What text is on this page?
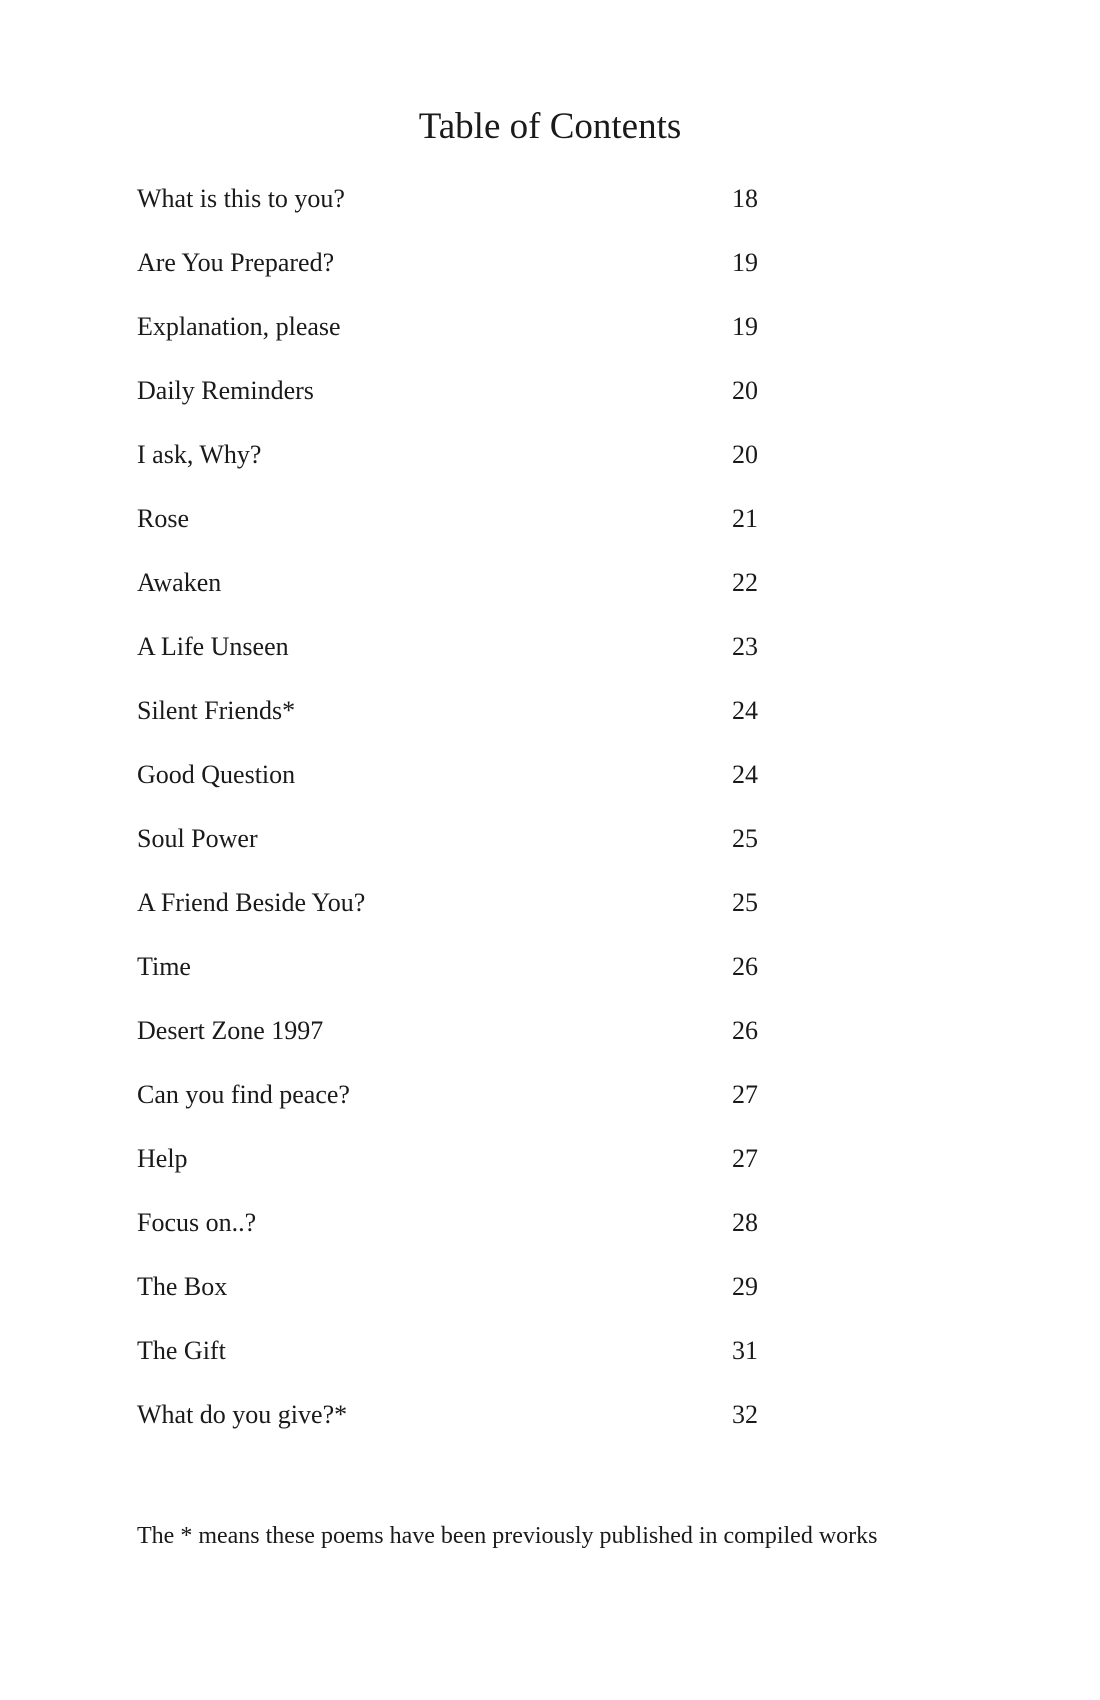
Table of Contents
What is this to you?	18
Are You Prepared?	19
Explanation, please	19
Daily Reminders	20
I ask, Why?	20
Rose	21
Awaken	22
A Life Unseen	23
Silent Friends*	24
Good Question	24
Soul Power	25
A Friend Beside You?	25
Time	26
Desert Zone 1997	26
Can you find peace?	27
Help	27
Focus on..?	28
The Box	29
The Gift	31
What do you give?*	32

The * means these poems have been previously published in compiled works
